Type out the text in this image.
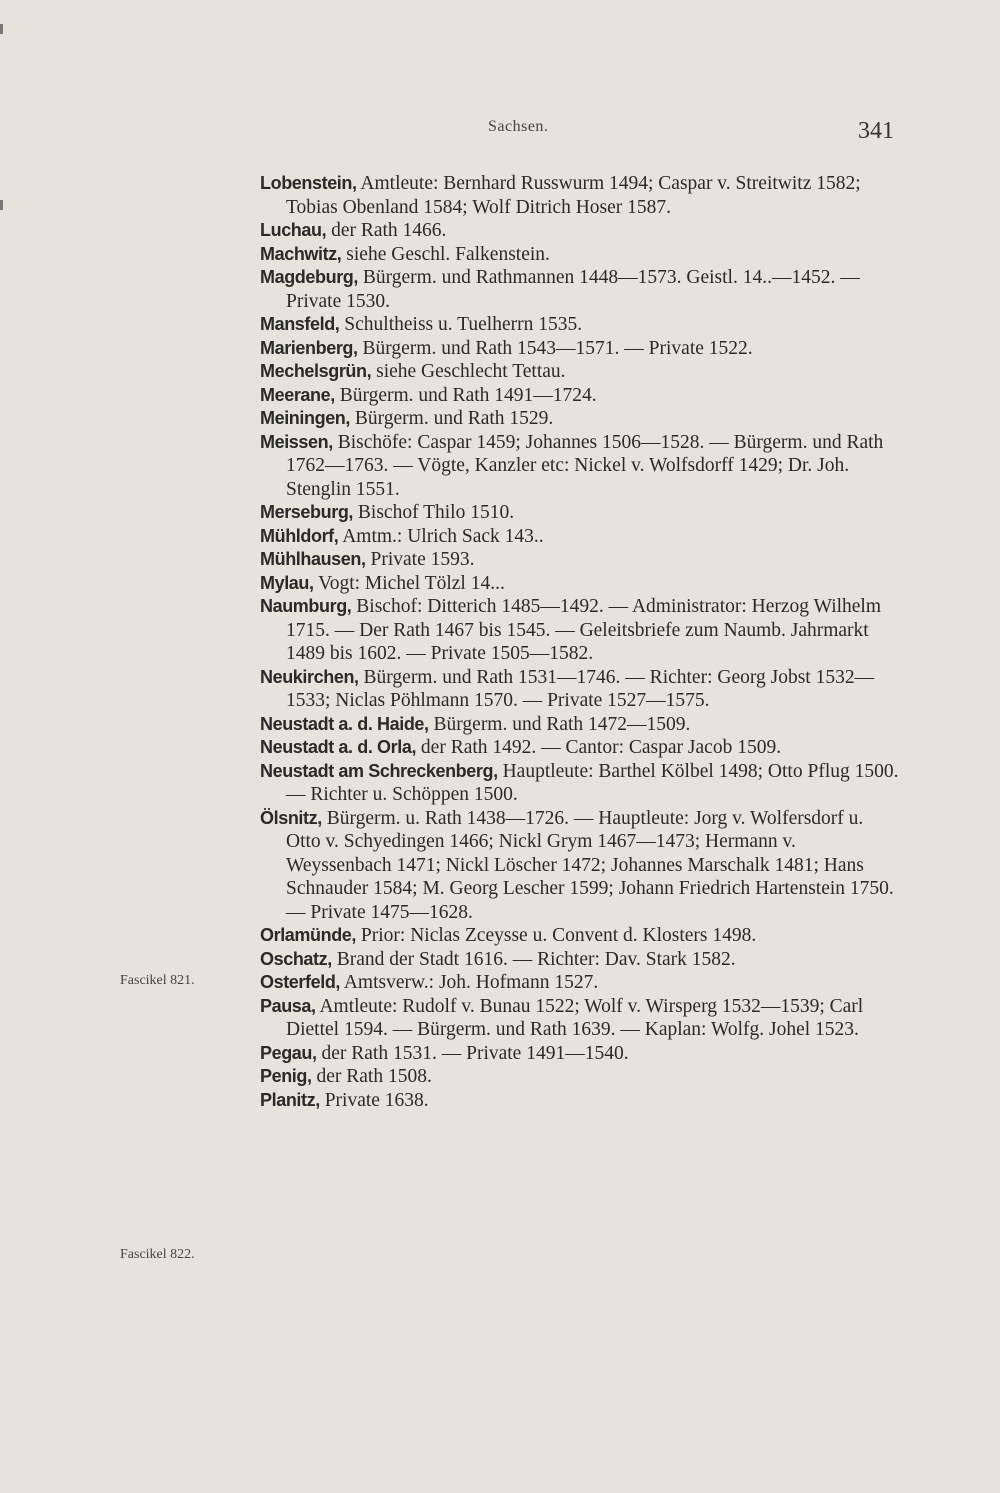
Sachsen.	341
Fascikel 821.
Fascikel 822.

Lobenstein, Amtleute: Bernhard Russwurm 1494; Caspar v. Streitwitz 1582; Tobias Obenland 1584; Wolf Ditrich Hoser 1587.

Luchau, der Rath 1466.

Machwitz, siehe Geschl. Falkenstein.

Magdeburg, Bürgerm. und Rathmannen 1448—1573. Geistl. 14..—1452. — Private 1530.

Mansfeld, Schultheiss u. Tuelherrn 1535.

Marienberg, Bürgerm. und Rath 1543—1571. — Private 1522.

Mechelsgrün, siehe Geschlecht Tettau.

Meerane, Bürgerm. und Rath 1491—1724.

Meiningen, Bürgerm. und Rath 1529.

Meissen, Bischöfe: Caspar 1459; Johannes 1506—1528. — Bürgerm. und Rath 1762—1763. — Vögte, Kanzler etc: Nickel v. Wolfsdorff 1429; Dr. Joh. Stenglin 1551.

Merseburg, Bischof Thilo 1510.

Mühldorf, Amtm.: Ulrich Sack 143..

Mühlhausen, Private 1593.

Mylau, Vogt: Michel Tölzl 14...

Naumburg, Bischof: Ditterich 1485—1492. — Administrator: Herzog Wilhelm 1715. — Der Rath 1467 bis 1545. — Geleitsbriefe zum Naumb. Jahrmarkt 1489 bis 1602. — Private 1505—1582.

Neukirchen, Bürgerm. und Rath 1531—1746. — Richter: Georg Jobst 1532—1533; Niclas Pöhlmann 1570. — Private 1527—1575.

Neustadt a. d. Haide, Bürgerm. und Rath 1472—1509.

Neustadt a. d. Orla, der Rath 1492. — Cantor: Caspar Jacob 1509.

Neustadt am Schreckenberg, Hauptleute: Barthel Kölbel 1498; Otto Pflug 1500. — Richter u. Schöppen 1500.

Ölsnitz, Bürgerm. u. Rath 1438—1726. — Hauptleute: Jorg v. Wolfersdorf u. Otto v. Schyedingen 1466; Nickl Grym 1467—1473; Hermann v. Weyssenbach 1471; Nickl Löscher 1472; Johannes Marschalk 1481; Hans Schnauder 1584; M. Georg Lescher 1599; Johann Friedrich Hartenstein 1750. — Private 1475—1628.

Orlamünde, Prior: Niclas Zceysse u. Convent d. Klosters 1498.

Oschatz, Brand der Stadt 1616. — Richter: Dav. Stark 1582.

Osterfeld, Amtsverw.: Joh. Hofmann 1527.

Pausa, Amtleute: Rudolf v. Bunau 1522; Wolf v. Wirsperg 1532—1539; Carl Diettel 1594. — Bürgerm. und Rath 1639. — Kaplan: Wolfg. Johel 1523.

Pegau, der Rath 1531. — Private 1491—1540.

Penig, der Rath 1508.

Planitz, Private 1638.
